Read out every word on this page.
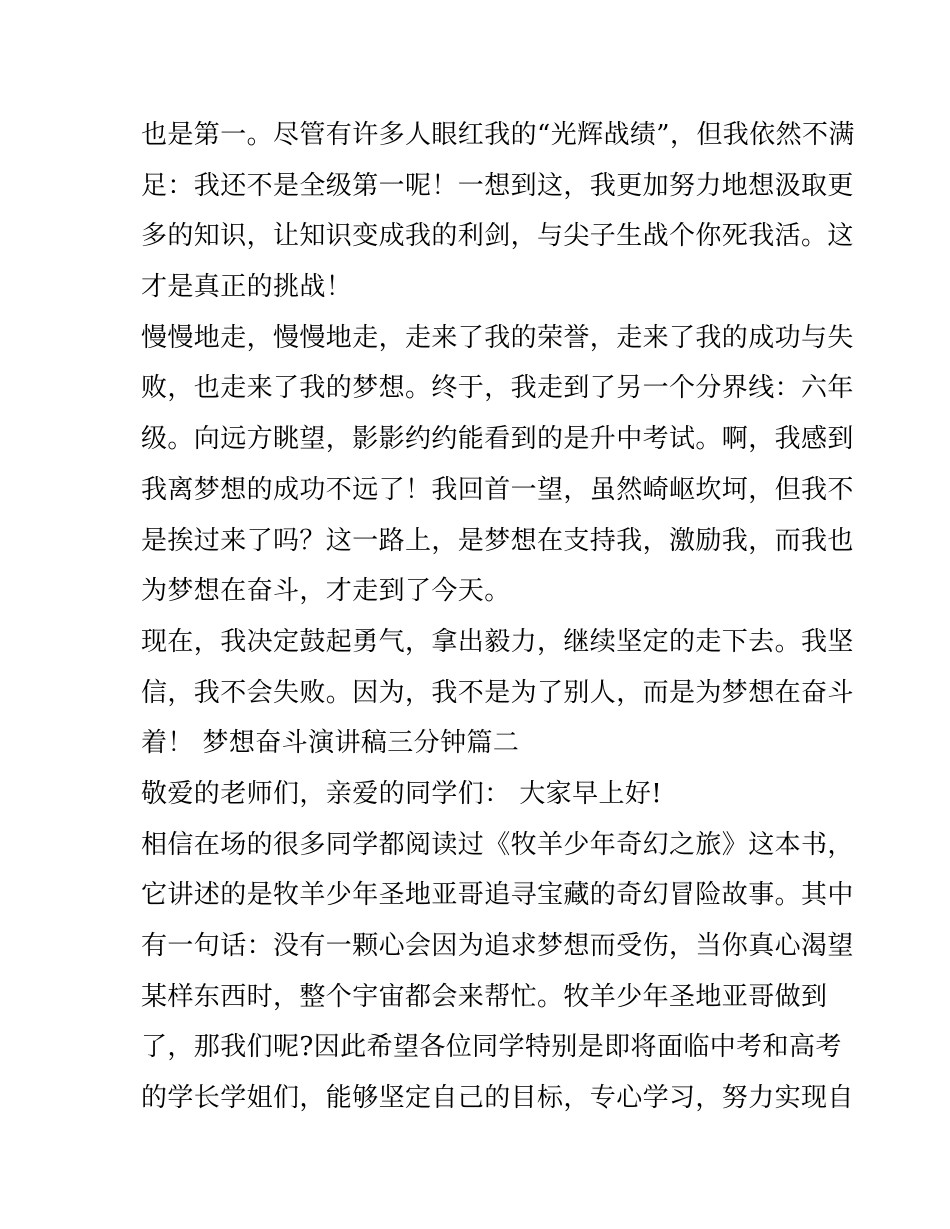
也是第一。尽管有许多人眼红我的“光辉战绩”，但我依然不满
足：我还不是全级第一呢！一想到这，我更加努力地想汲取更
多的知识，让知识变成我的利剑，与尖子生战个你死我活。这
才是真正的挑战！
慢慢地走，慢慢地走，走来了我的荣誉，走来了我的成功与失
败，也走来了我的梦想。终于，我走到了另一个分界线：六年
级。向远方眺望，影影约约能看到的是升中考试。啊，我感到
我离梦想的成功不远了！我回首一望，虽然崎岖坎坷，但我不
是挨过来了吗？这一路上，是梦想在支持我，激励我，而我也
为梦想在奋斗，才走到了今天。
现在，我决定鼓起勇气，拿出毅力，继续坚定的走下去。我坚
信，我不会失败。因为，我不是为了别人，而是为梦想在奋斗
着！ 梦想奋斗演讲稿三分钟篇二
敬爱的老师们，亲爱的同学们： 大家早上好!
相信在场的很多同学都阅读过《牧羊少年奇幻之旅》这本书，
它讲述的是牧羊少年圣地亚哥追寻宝藏的奇幻冒险故事。其中
有一句话：没有一颗心会因为追求梦想而受伤，当你真心渴望
某样东西时，整个宇宙都会来帮忙。牧羊少年圣地亚哥做到
了，那我们呢?因此希望各位同学特别是即将面临中考和高考
的学长学姐们，能够坚定自己的目标，专心学习，努力实现自
